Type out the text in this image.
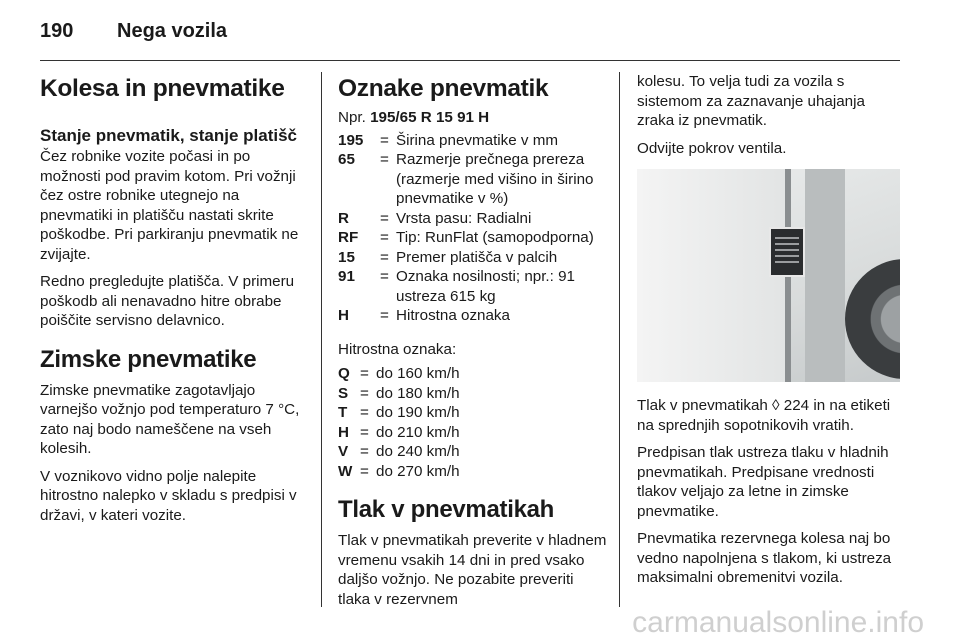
190 Nega vozila
Kolesa in pnevmatike
Stanje pnevmatik, stanje platišč

Čez robnike vozite počasi in po možnosti pod pravim kotom. Pri vožnji čez ostre robnike utegnejo na pnevmatiki in platišču nastati skrite poškodbe. Pri parkiranju pnevmatik ne zvijajte.

Redno pregledujte platišča. V primeru poškodb ali nenavadno hitre obrabe poiščite servisno delavnico.

Zimske pnevmatike

Zimske pnevmatike zagotavljajo varnejšo vožnjo pod temperaturo 7 °C, zato naj bodo nameščene na vseh kolesih.

V voznikovo vidno polje nalepite hitrostno nalepko v skladu s predpisi v državi, v kateri vozite.

Oznake pnevmatik

Npr. 195/65 R 15 91 H

195	= Širina pnevmatike v mm
65	= Razmerje prečnega prereza (razmerje med višino in širino pnevmatike v %)
R	= Vrsta pasu: Radialni
RF	= Tip: RunFlat (samopodporna)
15	= Premer platišča v palcih
91	= Oznaka nosilnosti; npr.: 91 ustreza 615 kg
H	= Hitrostna oznaka

Hitrostna oznaka:

Q = do 160 km/h
S = do 180 km/h
T = do 190 km/h
H = do 210 km/h
V = do 240 km/h
W = do 270 km/h
Tlak v pnevmatikah

Tlak v pnevmatikah preverite v hladnem vremenu vsakih 14 dni in pred vsako daljšo vožnjo. Ne pozabite preveriti tlaka v rezervnem

kolesu. To velja tudi za vozila s sistemom za zaznavanje uhajanja zraka iz pnevmatik.

Odvijte pokrov ventila.

Tlak v pnevmatikah ◊ 224 in na etiketi na sprednjih sopotnikovih vratih.

Predpisan tlak ustreza tlaku v hladnih pnevmatikah. Predpisane vrednosti tlakov veljajo za letne in zimske pnevmatike.

Pnevmatika rezervnega kolesa naj bo vedno napolnjena s tlakom, ki ustreza maksimalni obremenitvi vozila.

carmanualsonline.info
